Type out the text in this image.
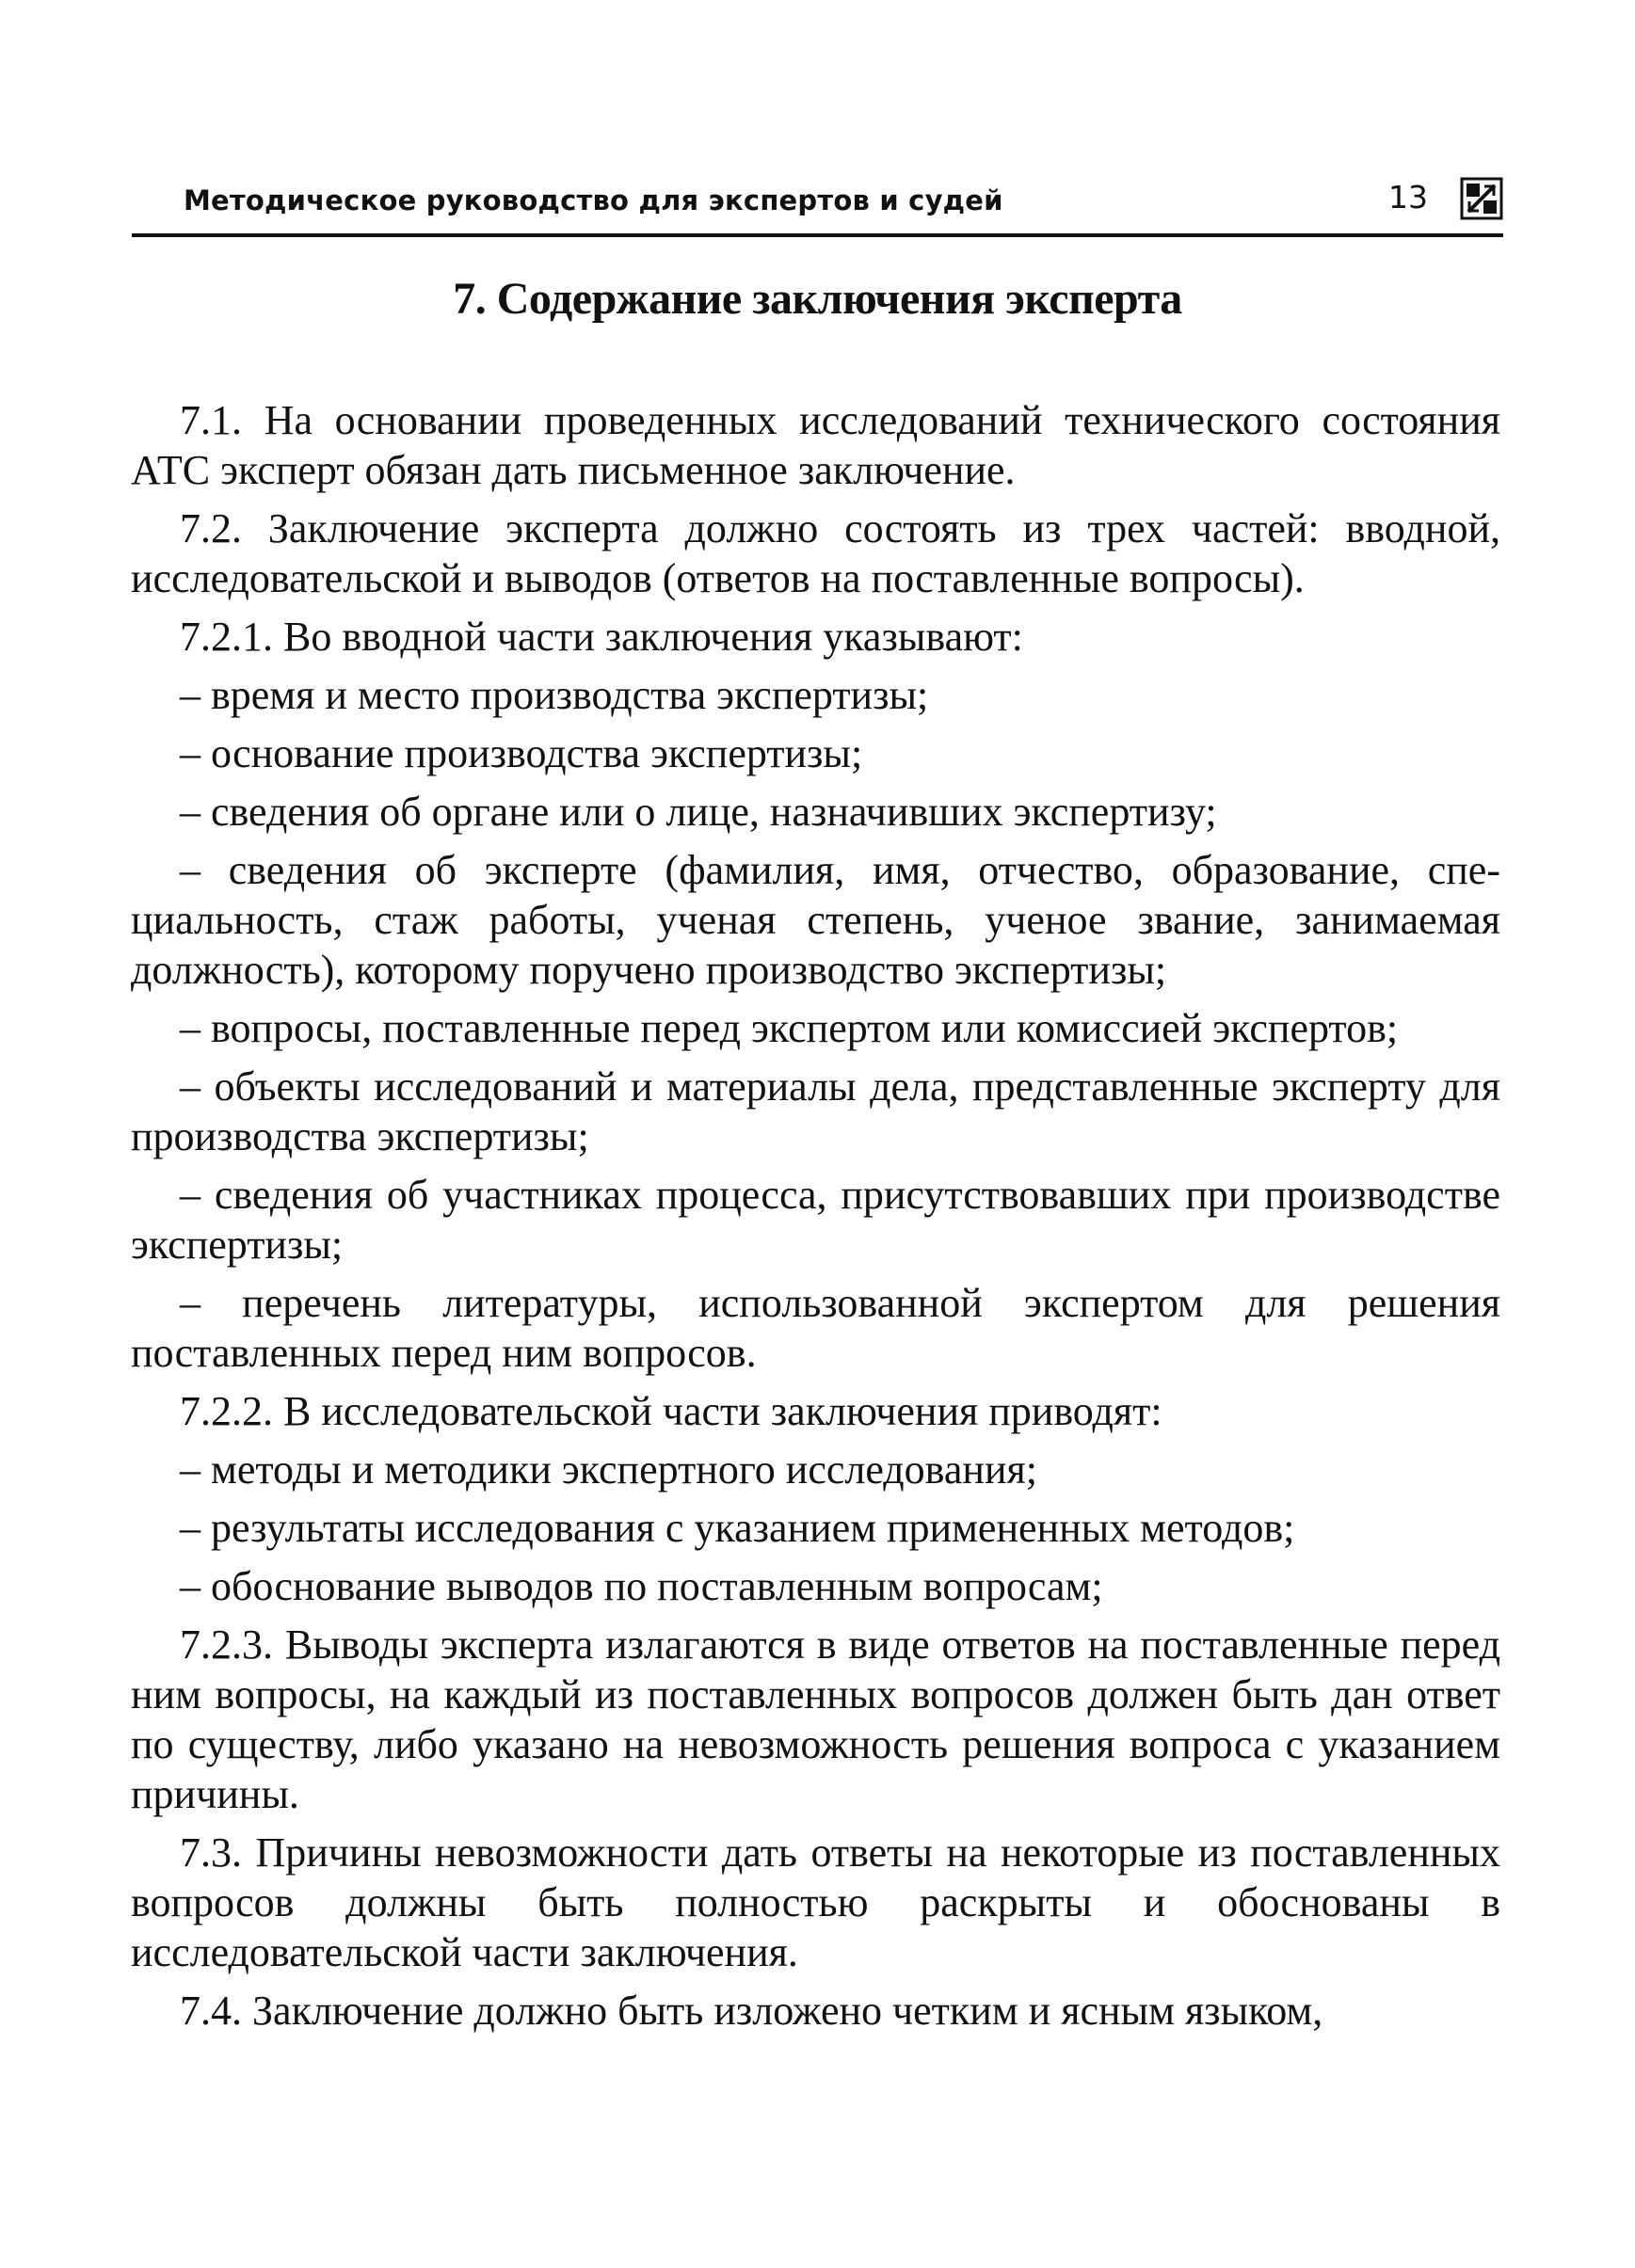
Методическое руководство для экспертов и судей	13
7. Содержание заключения эксперта

7.1. На основании проведенных исследований технического состояния АТС эксперт обязан дать письменное заключение.

7.2. Заключение эксперта должно состоять из трех частей: вводной, исследовательской и выводов (ответов на поставленные вопросы).

7.2.1. Во вводной части заключения указывают:

– время и место производства экспертизы;

– основание производства экспертизы;

– сведения об органе или о лице, назначивших экспертизу;

– сведения об эксперте (фамилия, имя, отчество, образование, специальность, стаж работы, ученая степень, ученое звание, занимаемая должность), которому поручено производство экспертизы;

– вопросы, поставленные перед экспертом или комиссией экспертов;

– объекты исследований и материалы дела, представленные эксперту для производства экспертизы;

– сведения об участниках процесса, присутствовавших при производстве экспертизы;

– перечень литературы, использованной экспертом для решения поставленных перед ним вопросов.

7.2.2. В исследовательской части заключения приводят:

– методы и методики экспертного исследования;

– результаты исследования с указанием примененных методов;

– обоснование выводов по поставленным вопросам;

7.2.3. Выводы эксперта излагаются в виде ответов на поставленные перед ним вопросы, на каждый из поставленных вопросов должен быть дан ответ по существу, либо указано на невозможность решения вопроса с указанием причины.

7.3. Причины невозможности дать ответы на некоторые из поставленных вопросов должны быть полностью раскрыты и обоснованы в исследовательской части заключения.

7.4. Заключение должно быть изложено четким и ясным языком,
